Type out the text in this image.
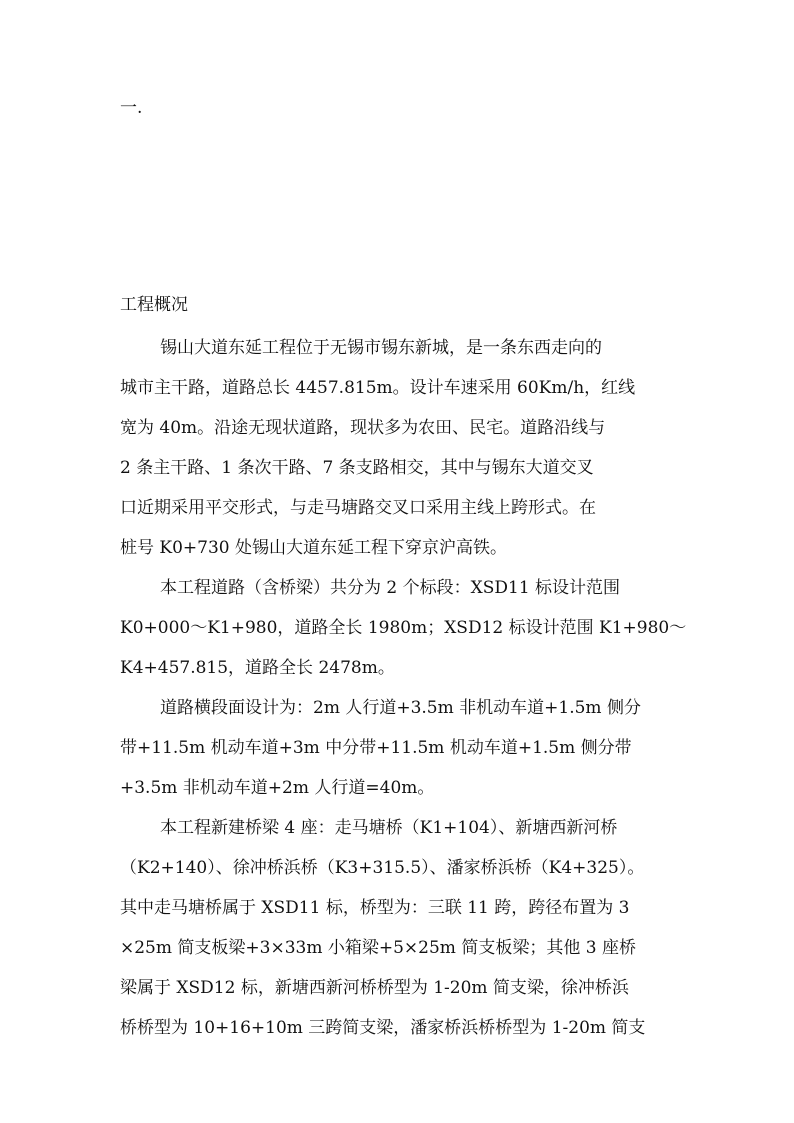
一.
工程概况

锡山大道东延工程位于无锡市锡东新城，是一条东西走向的

城市主干路，道路总长 4457.815m。设计车速采用 60Km/h，红线

宽为 40m。沿途无现状道路，现状多为农田、民宅。道路沿线与

2 条主干路、1 条次干路、7 条支路相交，其中与锡东大道交叉

口近期采用平交形式，与走马塘路交叉口采用主线上跨形式。在

桩号 K0+730 处锡山大道东延工程下穿京沪高铁。

本工程道路（含桥梁）共分为 2 个标段：XSD11 标设计范围

K0+000～K1+980，道路全长 1980m；XSD12 标设计范围 K1+980～

K4+457.815，道路全长 2478m。

道路横段面设计为：2m 人行道+3.5m 非机动车道+1.5m 侧分

带+11.5m 机动车道+3m 中分带+11.5m 机动车道+1.5m 侧分带

+3.5m 非机动车道+2m 人行道=40m。

本工程新建桥梁 4 座：走马塘桥（K1+104）、新塘西新河桥

（K2+140）、徐冲桥浜桥（K3+315.5）、潘家桥浜桥（K4+325）。

其中走马塘桥属于 XSD11 标，桥型为：三联 11 跨，跨径布置为 3

×25m 简支板梁+3×33m 小箱梁+5×25m 简支板梁；其他 3 座桥

梁属于 XSD12 标，新塘西新河桥桥型为 1-20m 简支梁，徐冲桥浜

桥桥型为 10+16+10m 三跨简支梁，潘家桥浜桥桥型为 1-20m 简支
